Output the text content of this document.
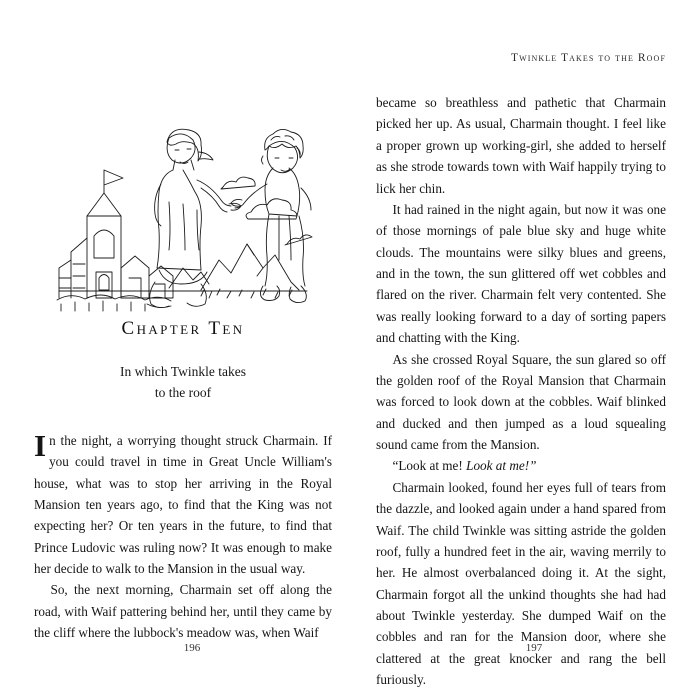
Chapter Ten
In which Twinkle takes
to the roof

In the night, a worrying thought struck Charmain. If you could travel in time in Great Uncle William's house, what was to stop her arriving in the Royal Mansion ten years ago, to find that the King was not expecting her? Or ten years in the future, to find that Prince Ludovic was ruling now? It was enough to make her decide to walk to the Mansion in the usual way.

So, the next morning, Charmain set off along the road, with Waif pattering behind her, until they came by the cliff where the lubbock's meadow was, when Waif

196
Twinkle Takes to the Roof

became so breathless and pathetic that Charmain picked her up. As usual, Charmain thought. I feel like a proper grown up working-girl, she added to herself as she strode towards town with Waif happily trying to lick her chin.

It had rained in the night again, but now it was one of those mornings of pale blue sky and huge white clouds. The mountains were silky blues and greens, and in the town, the sun glittered off wet cobbles and flared on the river. Charmain felt very contented. She was really looking forward to a day of sorting papers and chatting with the King.

As she crossed Royal Square, the sun glared so off the golden roof of the Royal Mansion that Charmain was forced to look down at the cobbles. Waif blinked and ducked and then jumped as a loud squealing sound came from the Mansion.

“Look at me! Look at me!”

Charmain looked, found her eyes full of tears from the dazzle, and looked again under a hand spared from Waif. The child Twinkle was sitting astride the golden roof, fully a hundred feet in the air, waving merrily to her. He almost overbalanced doing it. At the sight, Charmain forgot all the unkind thoughts she had had about Twinkle yesterday. She dumped Waif on the cobbles and ran for the Mansion door, where she clattered at the great knocker and rang the bell furiously.

197
